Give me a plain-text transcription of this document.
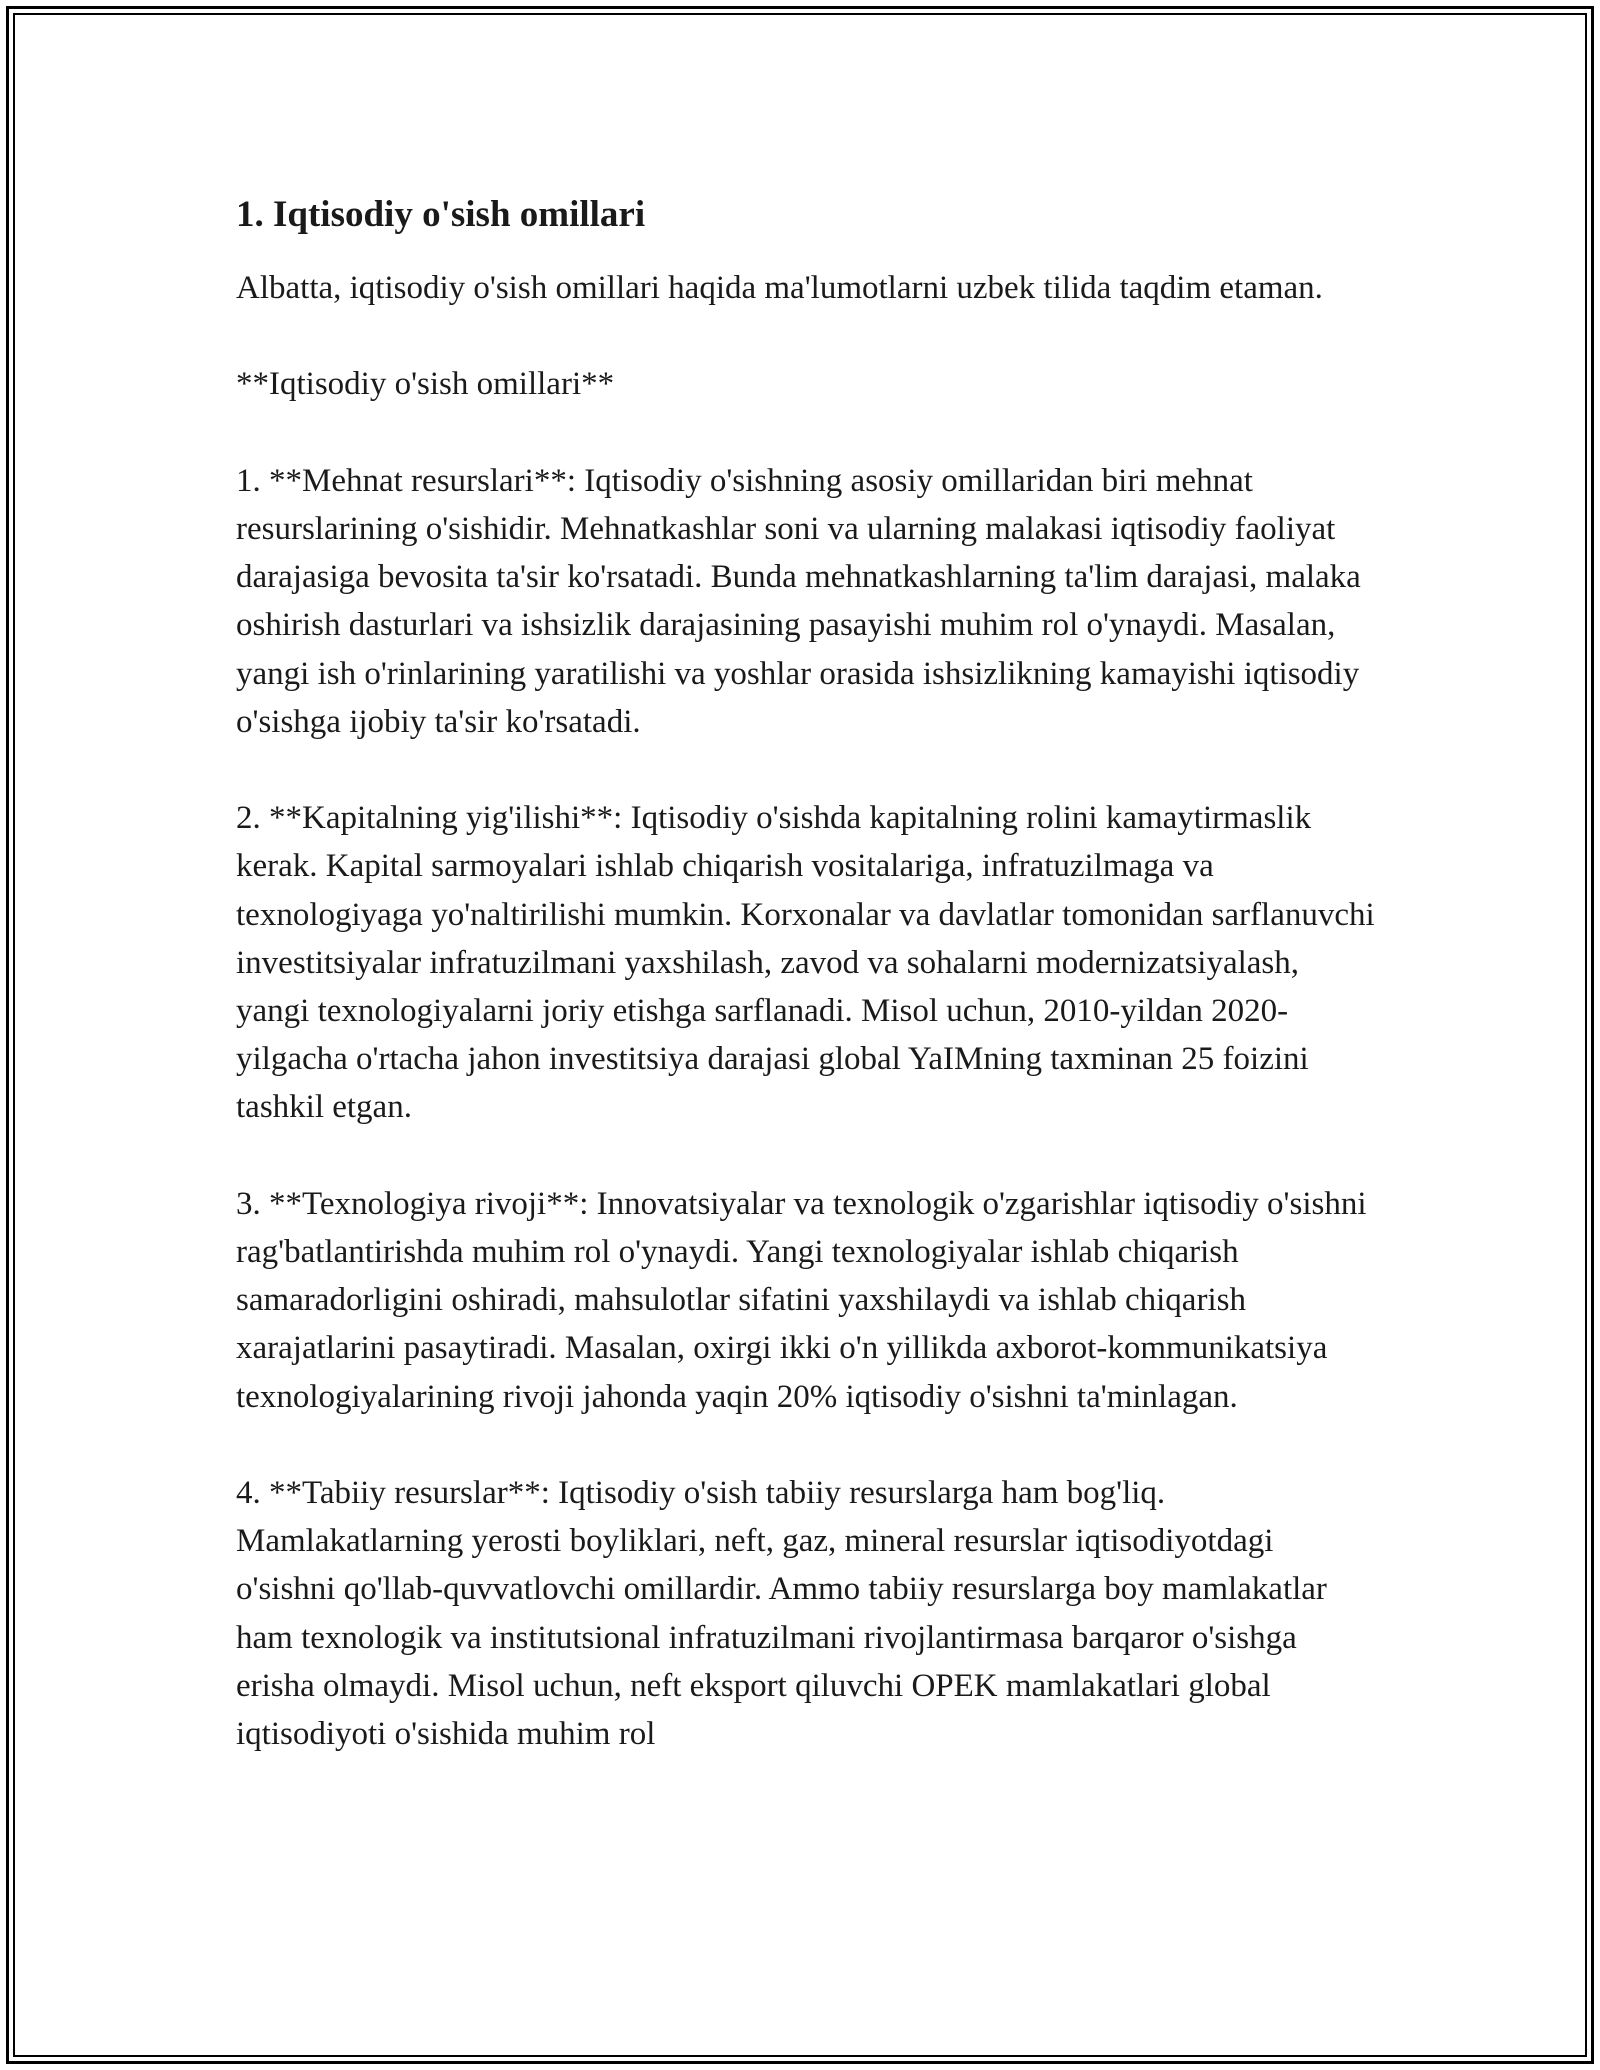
1. Iqtisodiy o'sish omillari

Albatta, iqtisodiy o'sish omillari haqida ma'lumotlarni uzbek tilida taqdim etaman.

**Iqtisodiy o'sish omillari**

1. **Mehnat resurslari**: Iqtisodiy o'sishning asosiy omillaridan biri mehnat resurslarining o'sishidir. Mehnatkashlar soni va ularning malakasi iqtisodiy faoliyat darajasiga bevosita ta'sir ko'rsatadi. Bunda mehnatkashlarning ta'lim darajasi, malaka oshirish dasturlari va ishsizlik darajasining pasayishi muhim rol o'ynaydi. Masalan, yangi ish o'rinlarining yaratilishi va yoshlar orasida ishsizlikning kamayishi iqtisodiy o'sishga ijobiy ta'sir ko'rsatadi.

2. **Kapitalning yig'ilishi**: Iqtisodiy o'sishda kapitalning rolini kamaytirmaslik kerak. Kapital sarmoyalari ishlab chiqarish vositalariga, infratuzilmaga va texnologiyaga yo'naltirilishi mumkin. Korxonalar va davlatlar tomonidan sarflanuvchi investitsiyalar infratuzilmani yaxshilash, zavod va sohalarni modernizatsiyalash, yangi texnologiyalarni joriy etishga sarflanadi. Misol uchun, 2010-yildan 2020-yilgacha o'rtacha jahon investitsiya darajasi global YaIMning taxminan 25 foizini tashkil etgan.

3. **Texnologiya rivoji**: Innovatsiyalar va texnologik o'zgarishlar iqtisodiy o'sishni rag'batlantirishda muhim rol o'ynaydi. Yangi texnologiyalar ishlab chiqarish samaradorligini oshiradi, mahsulotlar sifatini yaxshilaydi va ishlab chiqarish xarajatlarini pasaytiradi. Masalan, oxirgi ikki o'n yillikda axborot-kommunikatsiya texnologiyalarining rivoji jahonda yaqin 20% iqtisodiy o'sishni ta'minlagan.

4. **Tabiiy resurslar**: Iqtisodiy o'sish tabiiy resurslarga ham bog'liq. Mamlakatlarning yerosti boyliklari, neft, gaz, mineral resurslar iqtisodiyotdagi o'sishni qo'llab-quvvatlovchi omillardir. Ammo tabiiy resurslarga boy mamlakatlar ham texnologik va institutsional infratuzilmani rivojlantirmasa barqaror o'sishga erisha olmaydi. Misol uchun, neft eksport qiluvchi OPEK mamlakatlari global iqtisodiyoti o'sishida muhim rol
